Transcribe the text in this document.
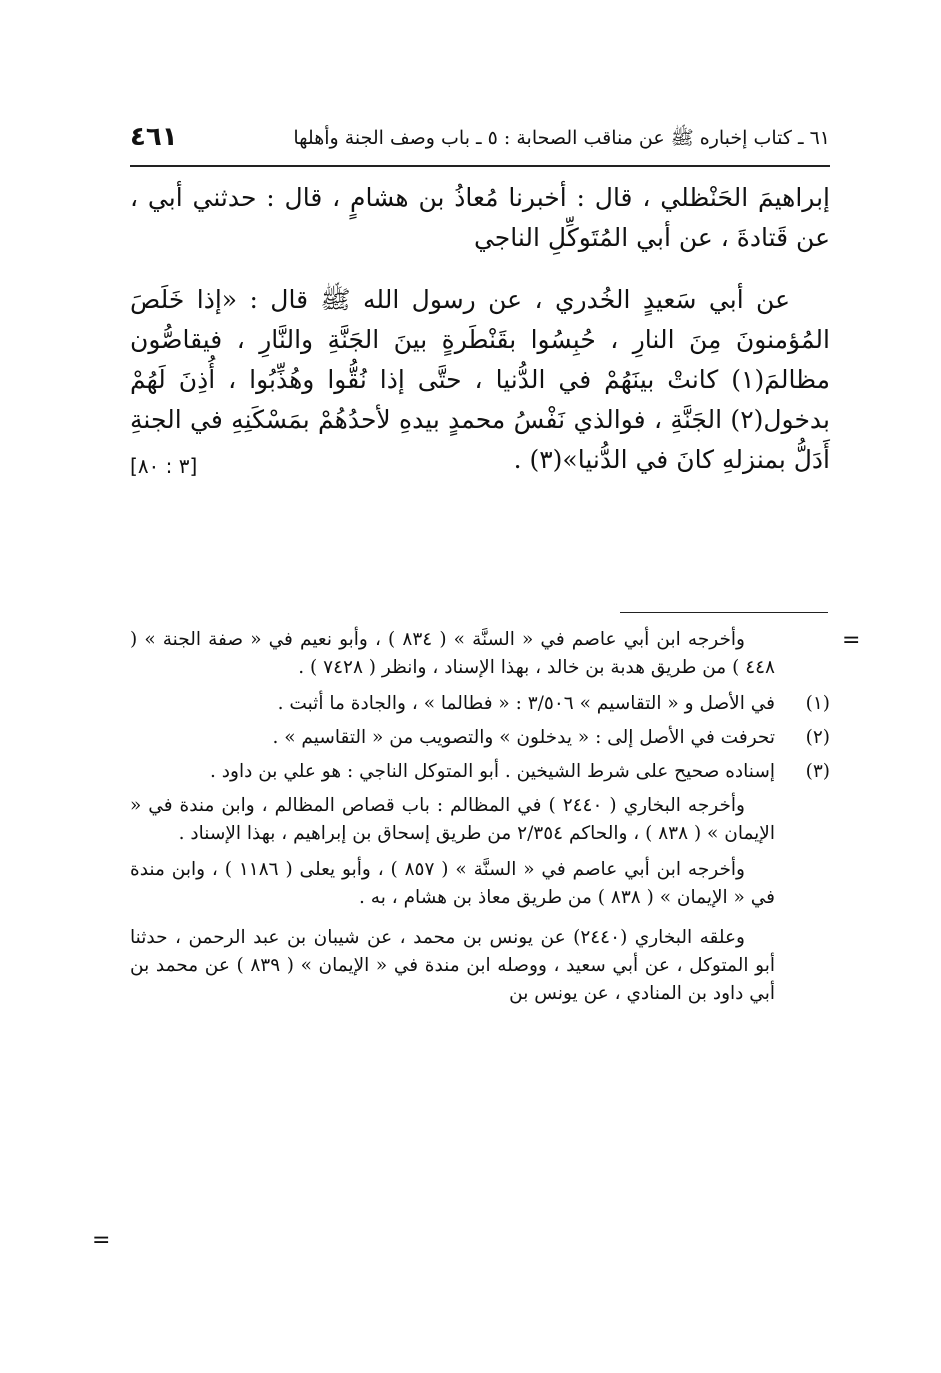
٦١ ـ كتاب إخباره ﷺ عن مناقب الصحابة : ٥ ـ باب وصف الجنة وأهلها
٤٦١

إبراهيمَ الحَنْظلي ، قال : أخبرنا مُعاذُ بن هشامٍ ، قال : حدثني أبي ، عن قَتادةَ ، عن أبي المُتَوكِّلِ الناجي

عن أبي سَعيدٍ الخُدري ، عن رسول الله ﷺ قال : «إذا خَلَصَ المُؤمنونَ مِنَ النارِ ، حُبِسُوا بقَنْطَرةٍ بينَ الجَنَّةِ والنَّارِ ، فيقاصُّون مظالمَ(١) كانتْ بينَهُمْ في الدُّنيا ، حتَّى إذا نُقُّوا وهُذِّبُوا ، أُذِنَ لَهُمْ بدخول(٢) الجَنَّةِ ، فوالذي نَفْسُ محمدٍ بيدهِ لأحدُهُمْ بمَسْكَنِهِ في الجنةِ أَدَلُّ بمنزلهِ كانَ في الدُّنيا»(٣) .
[٣ : ٨٠]

=

وأخرجه ابن أبي عاصم في « السنَّة » ( ٨٣٤ ) ، وأبو نعيم في « صفة الجنة » ( ٤٤٨ ) من طريق هدبة بن خالد ، بهذا الإسناد ، وانظر ( ٧٤٢٨ ) .

(١)
في الأصل و « التقاسيم » ٣/٥٠٦ : « فطالما » ، والجادة ما أثبت .
(٢)
تحرفت في الأصل إلى : « يدخلون » والتصويب من « التقاسيم » .
(٣)
إسناده صحيح على شرط الشيخين . أبو المتوكل الناجي : هو علي بن داود .

وأخرجه البخاري ( ٢٤٤٠ ) في المظالم : باب قصاص المظالم ، وابن مندة في « الإيمان » ( ٨٣٨ ) ، والحاكم ٢/٣٥٤ من طريق إسحاق بن إبراهيم ، بهذا الإسناد .

وأخرجه ابن أبي عاصم في « السنَّة » ( ٨٥٧ ) ، وأبو يعلى ( ١١٨٦ ) ، وابن مندة في « الإيمان » ( ٨٣٨ ) من طريق معاذ بن هشام ، به .

وعلقه البخاري (٢٤٤٠) عن يونس بن محمد ، عن شيبان بن عبد الرحمن ، حدثنا أبو المتوكل ، عن أبي سعيد ، ووصله ابن مندة في « الإيمان » ( ٨٣٩ ) عن محمد بن أبي داود بن المنادي ، عن يونس بن

=
